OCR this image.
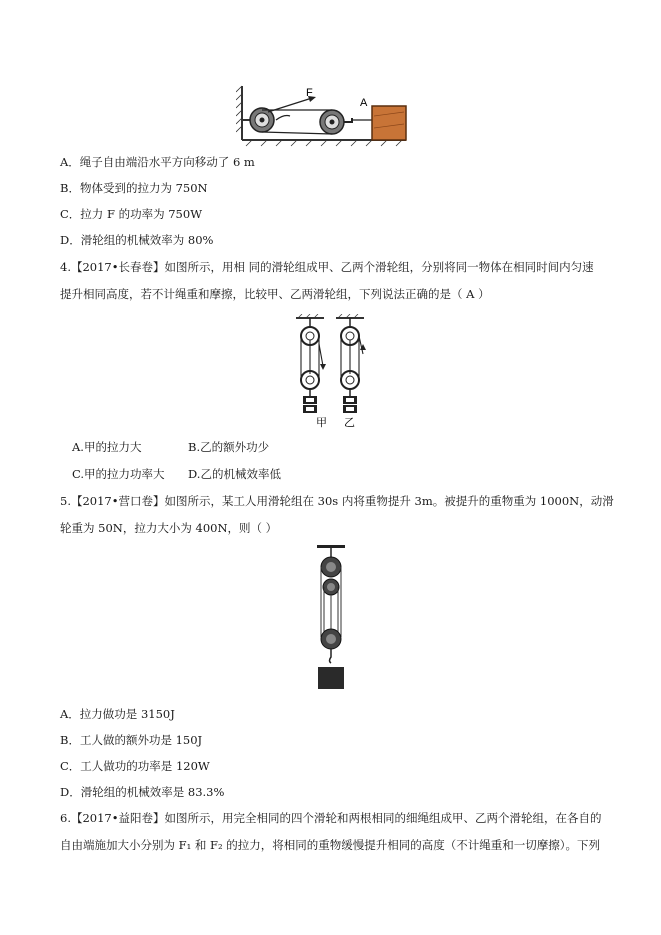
F
A
A．绳子自由端沿水平方向移动了 6 m
B．物体受到的拉力为 750N
C．拉力 F 的功率为 750W
D．滑轮组的机械效率为 80%
4.【2017•长春卷】如图所示，用相 同的滑轮组成甲、乙两个滑轮组，分别将同一物体在相同时间内匀速
提升相同高度，若不计绳重和摩擦，比较甲、乙两滑轮组，下列说法正确的是（ A ）
甲 乙
A.甲的拉力大	B.乙的额外功少
C.甲的拉力功率大 D.乙的机械效率低
5.【2017•营口卷】如图所示，某工人用滑轮组在 30s 内将重物提升 3m。被提升的重物重为 1000N，动滑
轮重为 50N，拉力大小为 400N，则（ ）
A．拉力做功是 3150J
B．工人做的额外功是 150J
C．工人做功的功率是 120W
D．滑轮组的机械效率是 83.3%
6.【2017•益阳卷】如图所示，用完全相同的四个滑轮和两根相同的细绳组成甲、乙两个滑轮组，在各自的
自由端施加大小分别为 F₁ 和 F₂ 的拉力，将相同的重物缓慢提升相同的高度（不计绳重和一切摩擦）。下列
